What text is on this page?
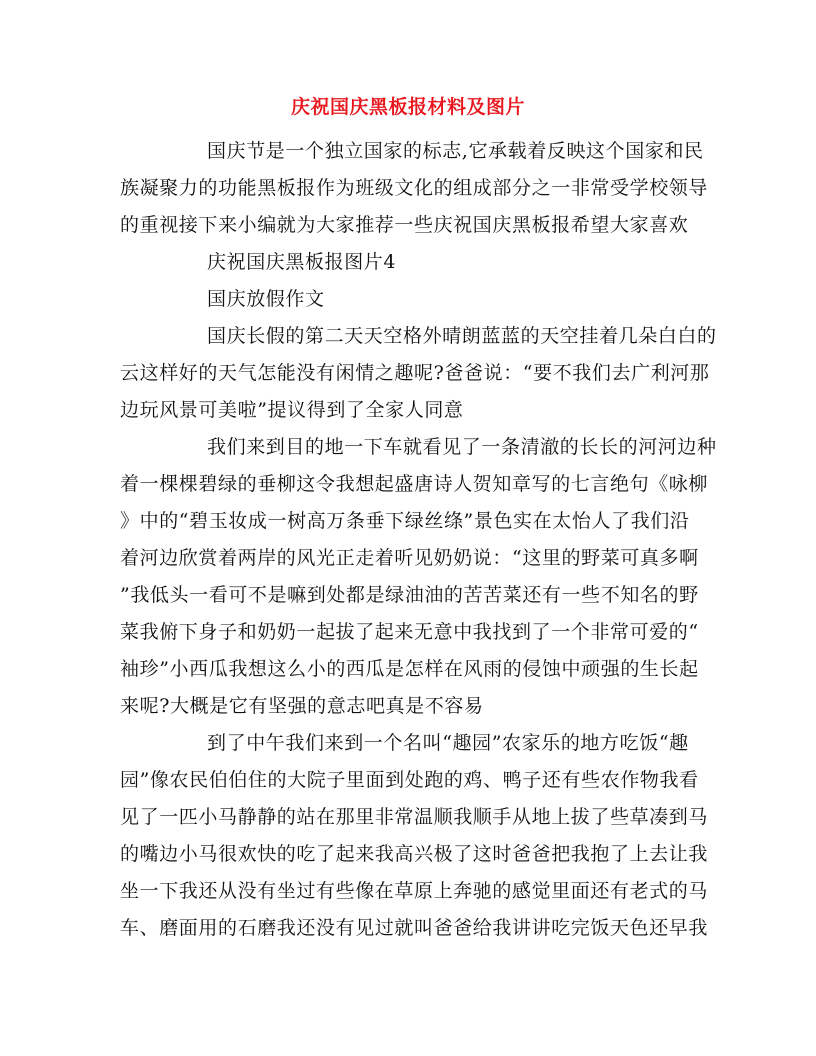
庆祝国庆黑板报材料及图片
国庆节是一个独立国家的标志,它承载着反映这个国家和民
族凝聚力的功能黑板报作为班级文化的组成部分之一非常受学校领导
的重视接下来小编就为大家推荐一些庆祝国庆黑板报希望大家喜欢
庆祝国庆黑板报图片4
国庆放假作文
国庆长假的第二天天空格外晴朗蓝蓝的天空挂着几朵白白的
云这样好的天气怎能没有闲情之趣呢?爸爸说：“要不我们去广利河那
边玩风景可美啦”提议得到了全家人同意
我们来到目的地一下车就看见了一条清澈的长长的河河边种
着一棵棵碧绿的垂柳这令我想起盛唐诗人贺知章写的七言绝句《咏柳
》中的“碧玉妆成一树高万条垂下绿丝绦”景色实在太怡人了我们沿
着河边欣赏着两岸的风光正走着听见奶奶说：“这里的野菜可真多啊
”我低头一看可不是嘛到处都是绿油油的苦苦菜还有一些不知名的野
菜我俯下身子和奶奶一起拔了起来无意中我找到了一个非常可爱的“
袖珍”小西瓜我想这么小的西瓜是怎样在风雨的侵蚀中顽强的生长起
来呢?大概是它有坚强的意志吧真是不容易
到了中午我们来到一个名叫“趣园”农家乐的地方吃饭“趣
园”像农民伯伯住的大院子里面到处跑的鸡、鸭子还有些农作物我看
见了一匹小马静静的站在那里非常温顺我顺手从地上拔了些草凑到马
的嘴边小马很欢快的吃了起来我高兴极了这时爸爸把我抱了上去让我
坐一下我还从没有坐过有些像在草原上奔驰的感觉里面还有老式的马
车、磨面用的石磨我还没有见过就叫爸爸给我讲讲吃完饭天色还早我
